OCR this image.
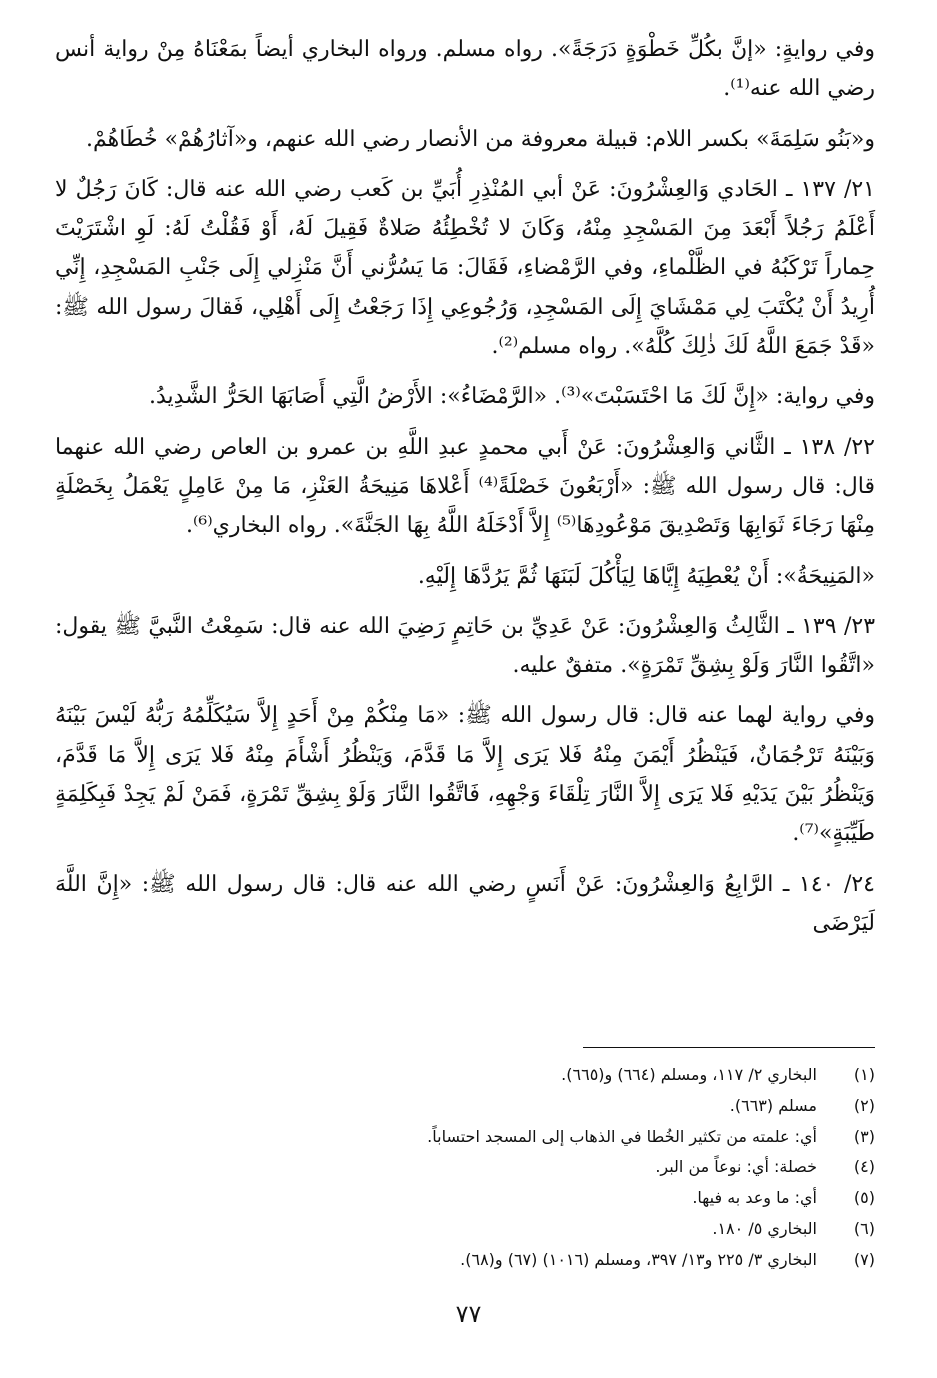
وفي روايةٍ: «إنَّ بكُلِّ خَطْوَةٍ دَرَجَةً». رواه مسلم. ورواه البخاري أيضاً بمَعْنَاهُ مِنْ رواية أنس رضي الله عنه⁽¹⁾.

و«بَنُو سَلِمَةَ» بكسر اللام: قبيلة معروفة من الأنصار رضي الله عنهم، و«آثارُهُمْ» خُطَاهُمْ.

٢١/ ١٣٧ ـ الحَادي وَالعِشْرُونَ: عَنْ أبي المُنْذِرِ أُبَيِّ بن كَعب رضي الله عنه قال: كَانَ رَجُلٌ لا أَعْلَمُ رَجُلاً أَبْعَدَ مِنَ المَسْجِدِ مِنْهُ، وَكَانَ لا تُخْطِئُهُ صَلاةٌ فَقِيلَ لَهُ، أَوْ فَقُلْتُ لَهُ: لَوِ اشْتَرَيْتَ حِماراً تَرْكَبُهُ في الظَّلْماءِ، وفي الرَّمْضاءِ، فَقَالَ: مَا يَسُرُّني أَنَّ مَنْزِلي إِلَى جَنْبِ المَسْجِدِ، إِنِّي أُرِيدُ أَنْ يُكْتَبَ لِي مَمْشَايَ إِلَى المَسْجِدِ، وَرُجُوعِي إِذَا رَجَعْتُ إِلَى أَهْلِي، فَقالَ رسول الله ﷺ: «قَدْ جَمَعَ اللَّهُ لَكَ ذٰلِكَ كُلَّهُ». رواه مسلم⁽²⁾.

وفي رواية: «إِنَّ لَكَ مَا احْتَسَبْتَ»⁽³⁾. «الرَّمْضَاءُ»: الأَرْضُ الَّتِي أَصَابَهَا الحَرُّ الشَّدِيدُ.

٢٢/ ١٣٨ ـ الثَّاني وَالعِشْرُونَ: عَنْ أَبي محمدٍ عبدِ اللَّهِ بن عمرو بن العاص رضي الله عنهما قال: قال رسول الله ﷺ: «أَرْبَعُونَ خَصْلَةً⁽⁴⁾ أَعْلاهَا مَنِيحَةُ العَنْزِ، مَا مِنْ عَامِلٍ يَعْمَلُ بِخَصْلَةٍ مِنْهَا رَجَاءَ ثَوَابِهَا وَتَصْدِيقَ مَوْعُودِهَا⁽⁵⁾ إِلاَّ أَدْخَلَهُ اللَّهُ بِهَا الجَنَّةَ». رواه البخاري⁽⁶⁾.

«المَنِيحَةُ»: أَنْ يُعْطِيَهُ إِيَّاهَا لِيَأْكُلَ لَبَنَهَا ثُمَّ يَرُدَّهَا إِلَيْهِ.

٢٣/ ١٣٩ ـ الثَّالِثُ وَالعِشْرُونَ: عَنْ عَدِيِّ بن حَاتِمٍ رَضِيَ الله عنه قال: سَمِعْتُ النَّبيَّ ﷺ يقول: «اتَّقُوا النَّارَ وَلَوْ بِشِقِّ تَمْرَةٍ». متفقٌ عليه.

وفي رواية لهما عنه قال: قال رسول الله ﷺ: «مَا مِنْكُمْ مِنْ أَحَدٍ إِلاَّ سَيُكَلِّمُهُ رَبُّهُ لَيْسَ بَيْنَهُ وَبَيْنَهُ تَرْجُمَانٌ، فَيَنْظُرُ أَيْمَنَ مِنْهُ فَلا يَرَى إِلاَّ مَا قَدَّمَ، وَيَنْظُرُ أَشْأَمَ مِنْهُ فَلا يَرَى إِلاَّ مَا قَدَّمَ، وَيَنْظُرُ بَيْنَ يَدَيْهِ فَلا يَرَى إِلاَّ النَّارَ تِلْقَاءَ وَجْهِهِ، فَاتَّقُوا النَّارَ وَلَوْ بِشِقِّ تَمْرَةٍ، فَمَنْ لَمْ يَجِدْ فَبِكَلِمَةٍ طَيِّبَةٍ»⁽⁷⁾.

٢٤/ ١٤٠ ـ الرَّابِعُ وَالعِشْرُونَ: عَنْ أَنَسٍ رضي الله عنه قال: قال رسول الله ﷺ: «إِنَّ اللَّهَ لَيَرْضَى

(١)
البخاري ٢/ ١١٧، ومسلم (٦٦٤) و(٦٦٥).
(٢)
مسلم (٦٦٣).
(٣)
أي: علمته من تكثير الخُطا في الذهاب إلى المسجد احتساباً.
(٤)
خصلة: أي: نوعاً من البر.
(٥)
أي: ما وعد به فيها.
(٦)
البخاري ٥/ ١٨٠.
(٧)
البخاري ٣/ ٢٢٥ و١٣/ ٣٩٧، ومسلم (١٠١٦) (٦٧) و(٦٨).
٧٧
